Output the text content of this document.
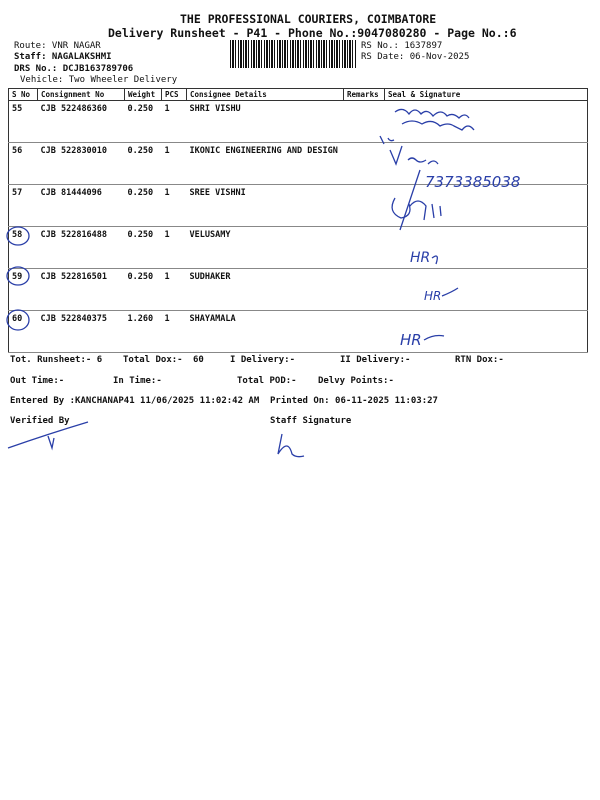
THE PROFESSIONAL COURIERS, COIMBATORE
Delivery Runsheet - P41 - Phone No.:9047080280 - Page No.:6
Route: VNR NAGAR
Staff: NAGALAKSHMI
DRS No.: DCJB163789706
Vehicle: Two Wheeler Delivery
RS No.: 1637897
RS Date: 06-Nov-2025
S No	Consignment No	Weight	PCS	Consignee Details	Remarks	Seal & Signature
55	CJB 522486360	0.250	1	SHRI VISHU		
56	CJB 522830010	0.250	1	IKONIC ENGINEERING AND DESIGN		
57	CJB 81444096	0.250	1	SREE VISHNI		
58	CJB 522816488	0.250	1	VELUSAMY		
59	CJB 522816501	0.250	1	SUDHAKER		
60	CJB 522840375	1.260	1	SHAYAMALA		
7373385038
HR
HR
HR
Tot. Runsheet:- 6 Total Dox:- 60	I Delivery:-	II Delivery:-	RTN Dox:-
Out Time:-	In Time:-	Total POD:- Delvy Points:-
Entered By :KANCHANAP41 11/06/2025 11:02:42 AM Printed On: 06-11-2025 11:03:27
Verified By	Staff Signature
